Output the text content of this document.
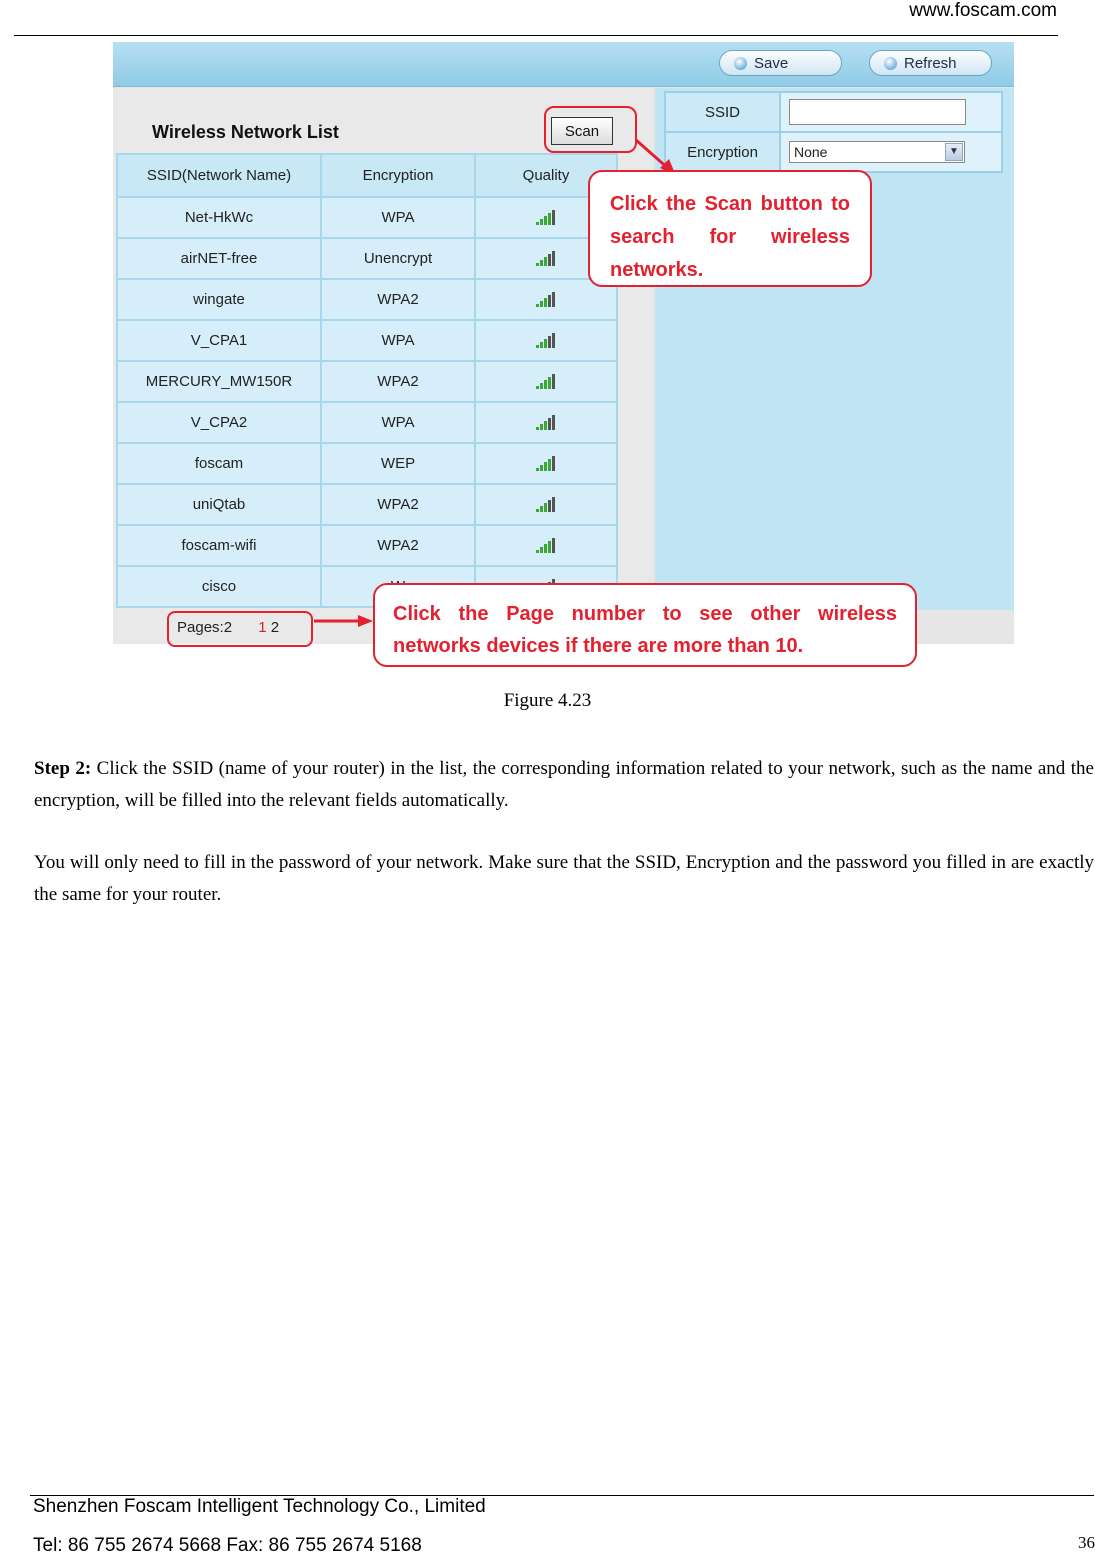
www.foscam.com
Save	Refresh
Wireless Network List	Scan
SSID(Network Name)	Encryption	Quality
Net-HkWc	WPA	
airNET-free	Unencrypt	
wingate	WPA2	
V_CPA1	WPA	
MERCURY_MW150R	WPA2	
V_CPA2	WPA	
foscam	WEP	
uniQtab	WPA2	
foscam-wifi	WPA2	
cisco		
Pages:2 1 2
SSID	

Encryption	None ▼
Click the Scan button to search for wireless networks.
Click the Page number to see other wireless networks devices if there are more than 10.
Figure 4.23
Step 2: Click the SSID (name of your router) in the list, the corresponding information related to your network, such as the name and the encryption, will be filled into the relevant fields automatically.
You will only need to fill in the password of your network. Make sure that the SSID, Encryption and the password you filled in are exactly the same for your router.
Shenzhen Foscam Intelligent Technology Co., Limited
Tel: 86 755 2674 5668 Fax: 86 755 2674 5168	36
